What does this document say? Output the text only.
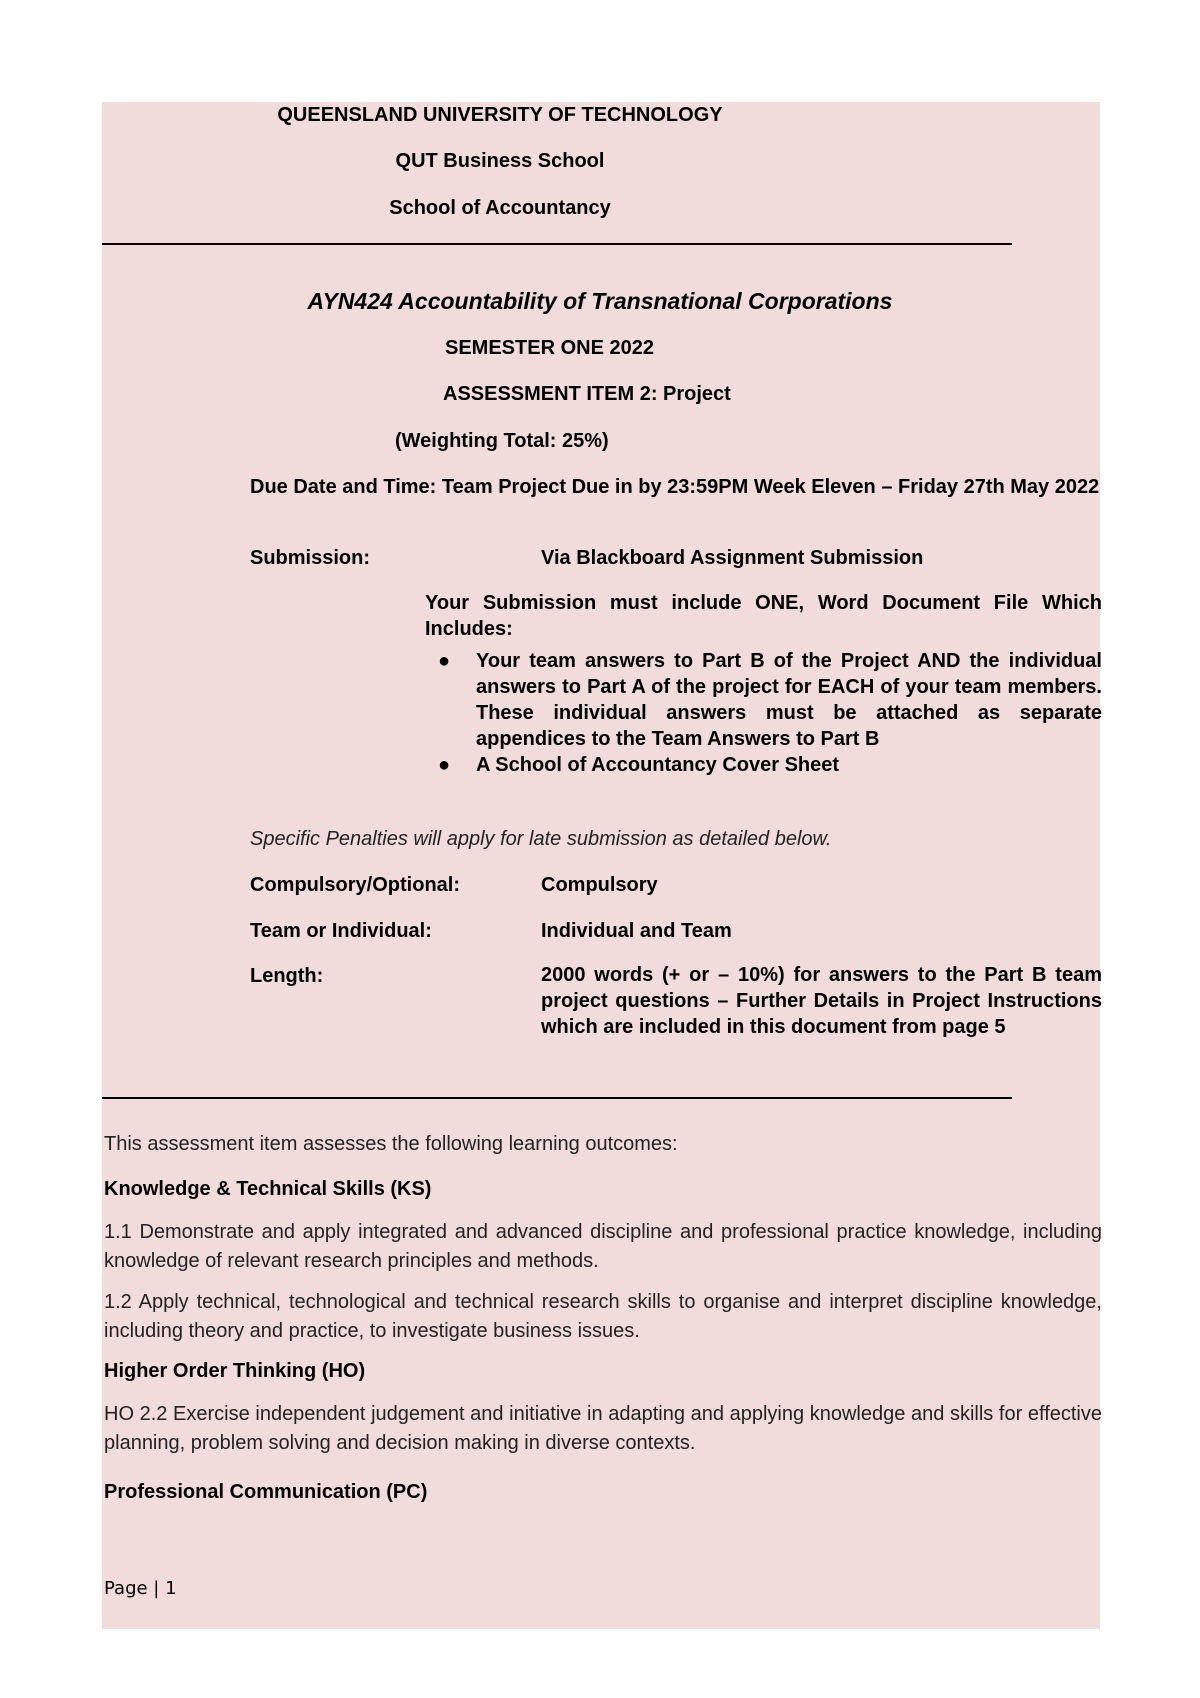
QUEENSLAND UNIVERSITY OF TECHNOLOGY
QUT Business School
School of Accountancy
AYN424 Accountability of Transnational Corporations
SEMESTER ONE 2022
ASSESSMENT ITEM 2: Project
(Weighting Total: 25%)
Due Date and Time: Team Project Due in by 23:59PM Week Eleven – Friday 27th May 2022
Submission:	Via Blackboard Assignment Submission
Your Submission must include ONE, Word Document File Which Includes:
● Your team answers to Part B of the Project AND the individual answers to Part A of the project for EACH of your team members. These individual answers must be attached as separate appendices to the Team Answers to Part B
● A School of Accountancy Cover Sheet
Specific Penalties will apply for late submission as detailed below.
Compulsory/Optional:	Compulsory
Team or Individual:	Individual and Team
Length:	2000 words (+ or – 10%) for answers to the Part B team project questions – Further Details in Project Instructions which are included in this document from page 5
This assessment item assesses the following learning outcomes:
Knowledge & Technical Skills (KS)
1.1 Demonstrate and apply integrated and advanced discipline and professional practice knowledge, including knowledge of relevant research principles and methods.
1.2 Apply technical, technological and technical research skills to organise and interpret discipline knowledge, including theory and practice, to investigate business issues.
Higher Order Thinking (HO)
HO 2.2 Exercise independent judgement and initiative in adapting and applying knowledge and skills for effective planning, problem solving and decision making in diverse contexts.
Professional Communication (PC)
Page | 1
